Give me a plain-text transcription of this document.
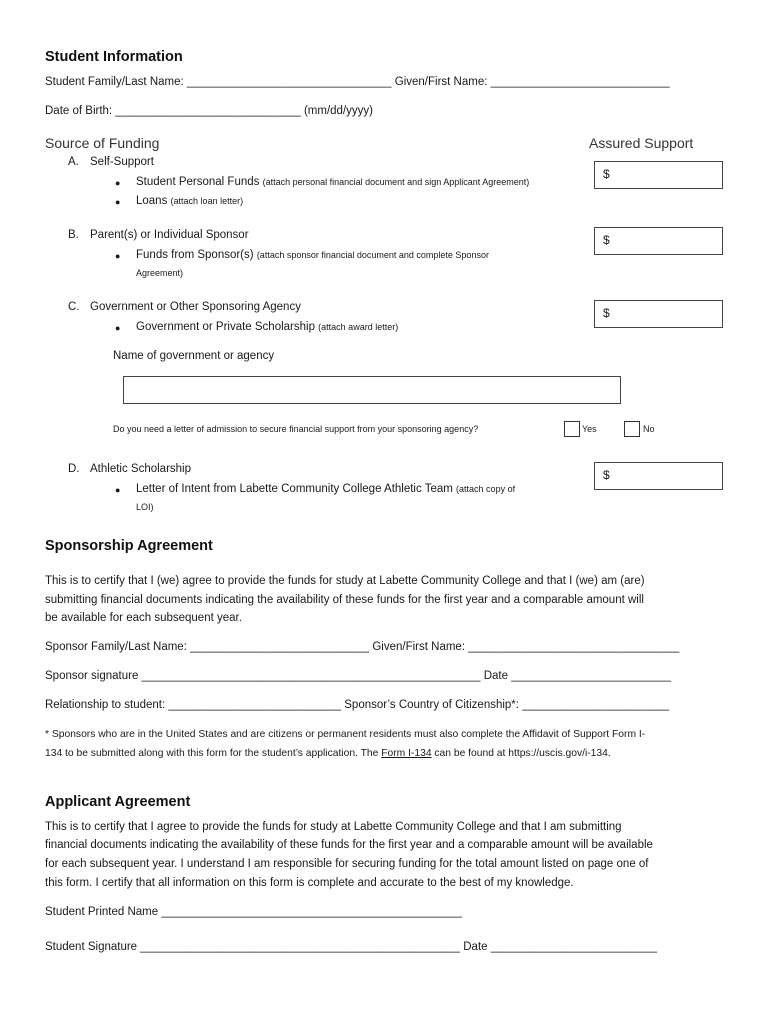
Student Information
Student Family/Last Name: ________________________________ Given/First Name: ____________________________
Date of Birth: _____________________________ (mm/dd/yyyy)
Source of Funding	Assured Support
A. Self-Support
● Student Personal Funds (attach personal financial document and sign Applicant Agreement)
● Loans (attach loan letter)
$
B. Parent(s) or Individual Sponsor
● Funds from Sponsor(s) (attach sponsor financial document and complete Sponsor
Agreement)
$
C. Government or Other Sponsoring Agency
● Government or Private Scholarship (attach award letter)
$
Name of government or agency
Do you need a letter of admission to secure financial support from your sponsoring agency?	Yes	No
D. Athletic Scholarship
● Letter of Intent from Labette Community College Athletic Team (attach copy of
LOI)
$
Sponsorship Agreement
This is to certify that I (we) agree to provide the funds for study at Labette Community College and that I (we) am (are)
submitting financial documents indicating the availability of these funds for the first year and a comparable amount will
be available for each subsequent year.
Sponsor Family/Last Name: ____________________________ Given/First Name: _________________________________
Sponsor signature _____________________________________________________ Date _________________________
Relationship to student: ___________________________ Sponsor’s Country of Citizenship*: _______________________
* Sponsors who are in the United States and are citizens or permanent residents must also complete the Affidavit of Support Form I-
134 to be submitted along with this form for the student’s application. The Form I-134 can be found at https://uscis.gov/i-134.
Applicant Agreement
This is to certify that I agree to provide the funds for study at Labette Community College and that I am submitting
financial documents indicating the availability of these funds for the first year and a comparable amount will be available
for each subsequent year. I understand I am responsible for securing funding for the total amount listed on page one of
this form. I certify that all information on this form is complete and accurate to the best of my knowledge.
Student Printed Name _______________________________________________
Student Signature __________________________________________________ Date __________________________
